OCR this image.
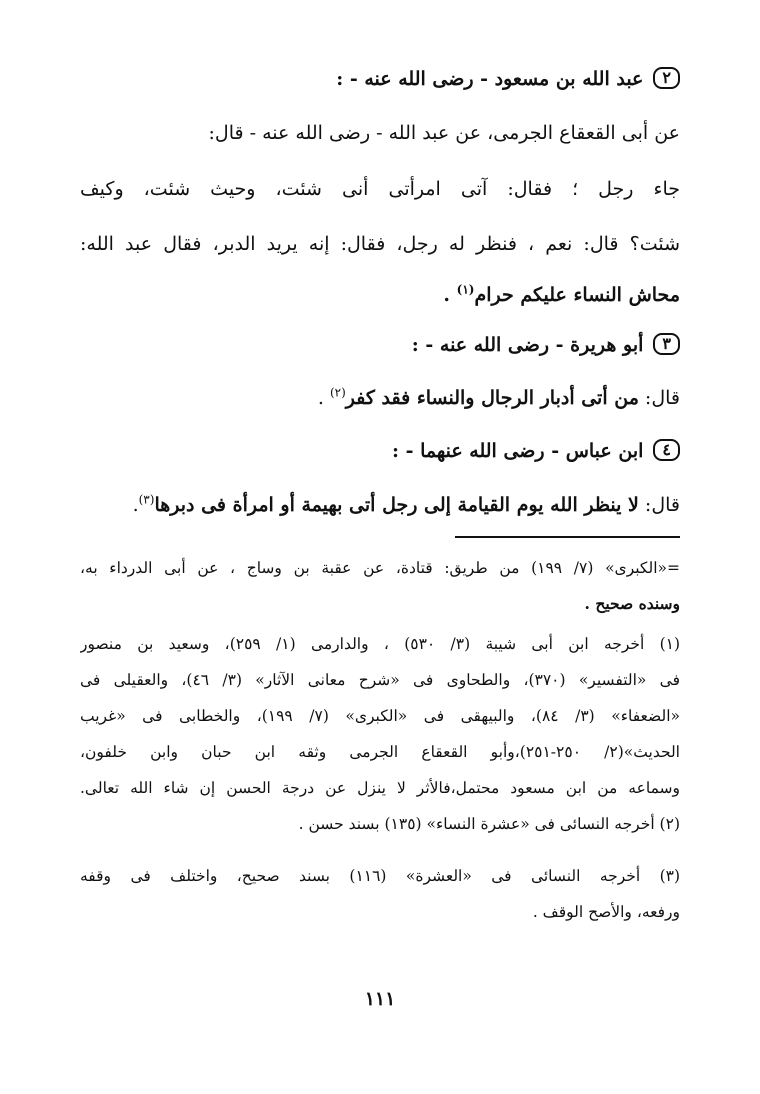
٢عبد الله بن مسعود - رضى الله عنه - :
عن أبى القعقاع الجرمى، عن عبد الله - رضى الله عنه - قال:
جاء رجل ؛ فقال: آتى امرأتى أنى شئت، وحيث شئت، وكيف
شئت؟ قال: نعم ، فنظر له رجل، فقال: إنه يريد الدبر، فقال عبد الله:
محاش النساء عليكم حرام$^{(١)}$ .
٣أبو هريرة - رضى الله عنه - :
قال: من أتى أدبار الرجال والنساء فقد كفر$^{(٢)}$ .
٤ابن عباس - رضى الله عنهما - :
قال: لا ينظر الله يوم القيامة إلى رجل أتى بهيمة أو امرأة فى دبرها$^{(٣)}$.
=«الكبرى» (٧/ ١٩٩) من طريق: قتادة، عن عقبة بن وساج ، عن أبى الدرداء به،
وسنده صحيح .
(١) أخرجه ابن أبى شيبة (٣/ ٥٣٠) ، والدارمى (١/ ٢٥٩)، وسعيد بن منصور
فى «التفسير» (٣٧٠)، والطحاوى فى «شرح معانى الآثار» (٣/ ٤٦)، والعقيلى فى
«الضعفاء» (٣/ ٨٤)، والبيهقى فى «الكبرى» (٧/ ١٩٩)، والخطابى فى «غريب
الحديث»(٢/ ٢٥٠-٢٥١)،وأبو القعقاع الجرمى وثقه ابن حبان وابن خلفون،
وسماعه من ابن مسعود محتمل،فالأثر لا ينزل عن درجة الحسن إن شاء الله تعالى.
(٢) أخرجه النسائى فى «عشرة النساء» (١٣٥) بسند حسن .
(٣) أخرجه النسائى فى «العشرة» (١١٦) بسند صحيح، واختلف فى وقفه
ورفعه، والأصح الوقف .
١١١
